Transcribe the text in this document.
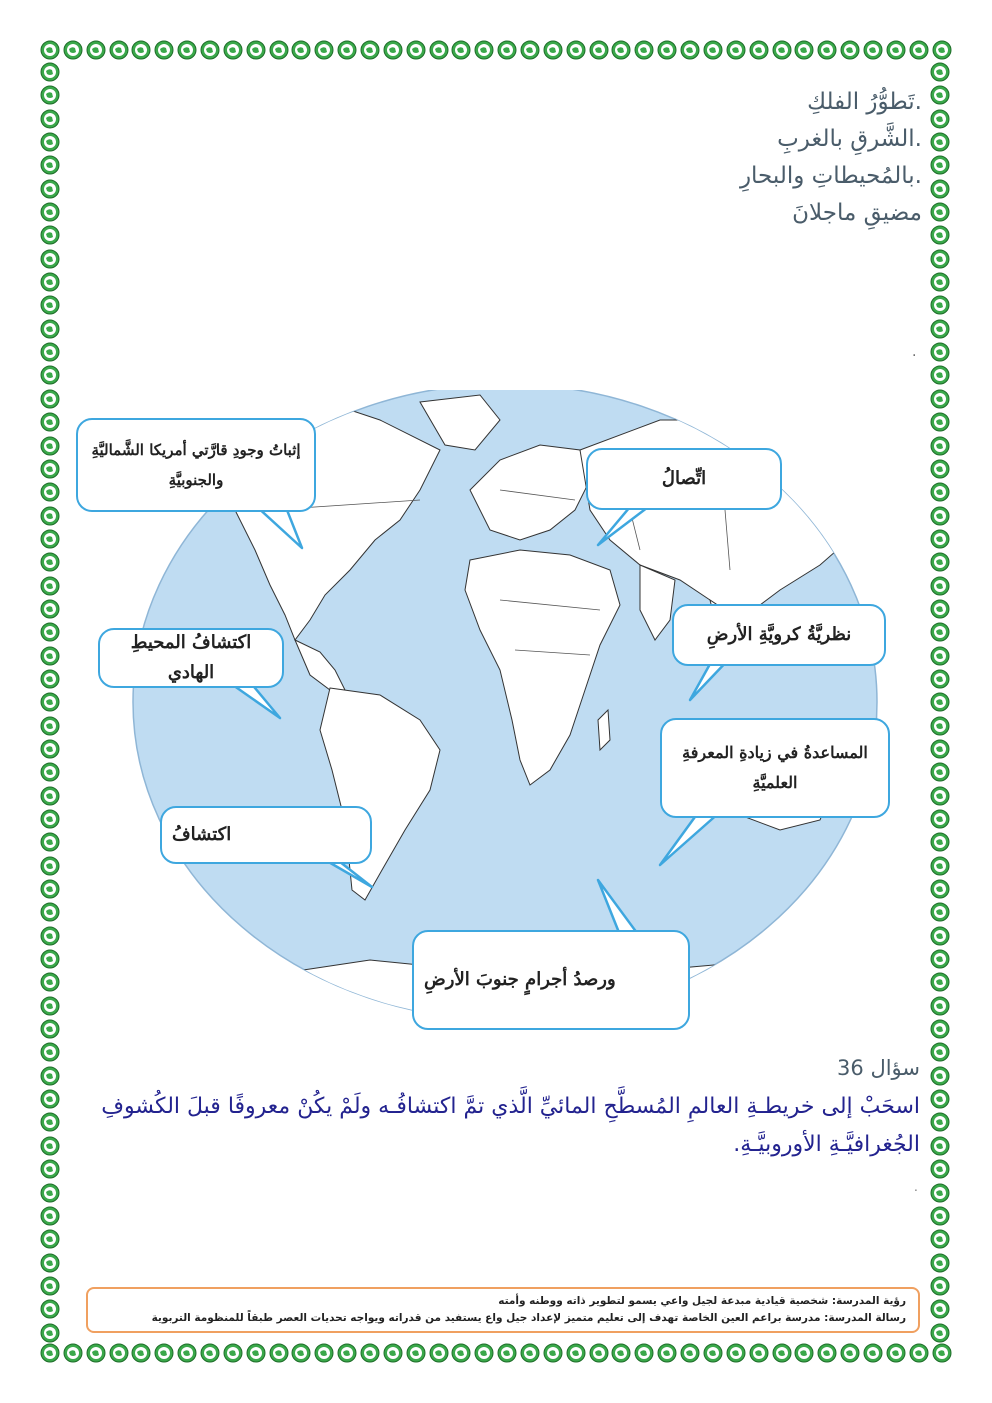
.تَطوُّرُ الفلكِ
.الشَّرقِ بالغربِ
.بالمُحيطاتِ والبحارِ
مضيقِ ماجلانَ
.
إثباتُ وجودِ قارَّتي أمريكا الشَّماليَّةِ والجنوبيَّةِ
اكتشافُ المحيطِ الهادي
اكتشافُ
اتِّصالُ
نظريَّةُ كرويَّةِ الأرضِ
المساعدةُ في زيادةِ المعرفةِ العلميَّةِ
ورصدُ أجرامٍ جنوبَ الأرضِ
سؤال 36
اسحَبْ إلى خريطـةِ العالمِ المُسطَّحِ المائيِّ الَّذي تمَّ اكتشافُـه ولَمْ يكُنْ معروفًا قبلَ الكُشوفِ الجُغرافيَّـةِ الأوروبيَّـةِ.
.
رؤية المدرسة: شخصية قيادية مبدعة لجيل واعي يسمو لتطوير ذاته ووطنه وأمته
رسالة المدرسة: مدرسة براعم العين الخاصة تهدف إلى تعليم متميز لإعداد جيل واع يستفيد من قدراته ويواجه تحديات العصر طبقاً للمنظومة التربوية
